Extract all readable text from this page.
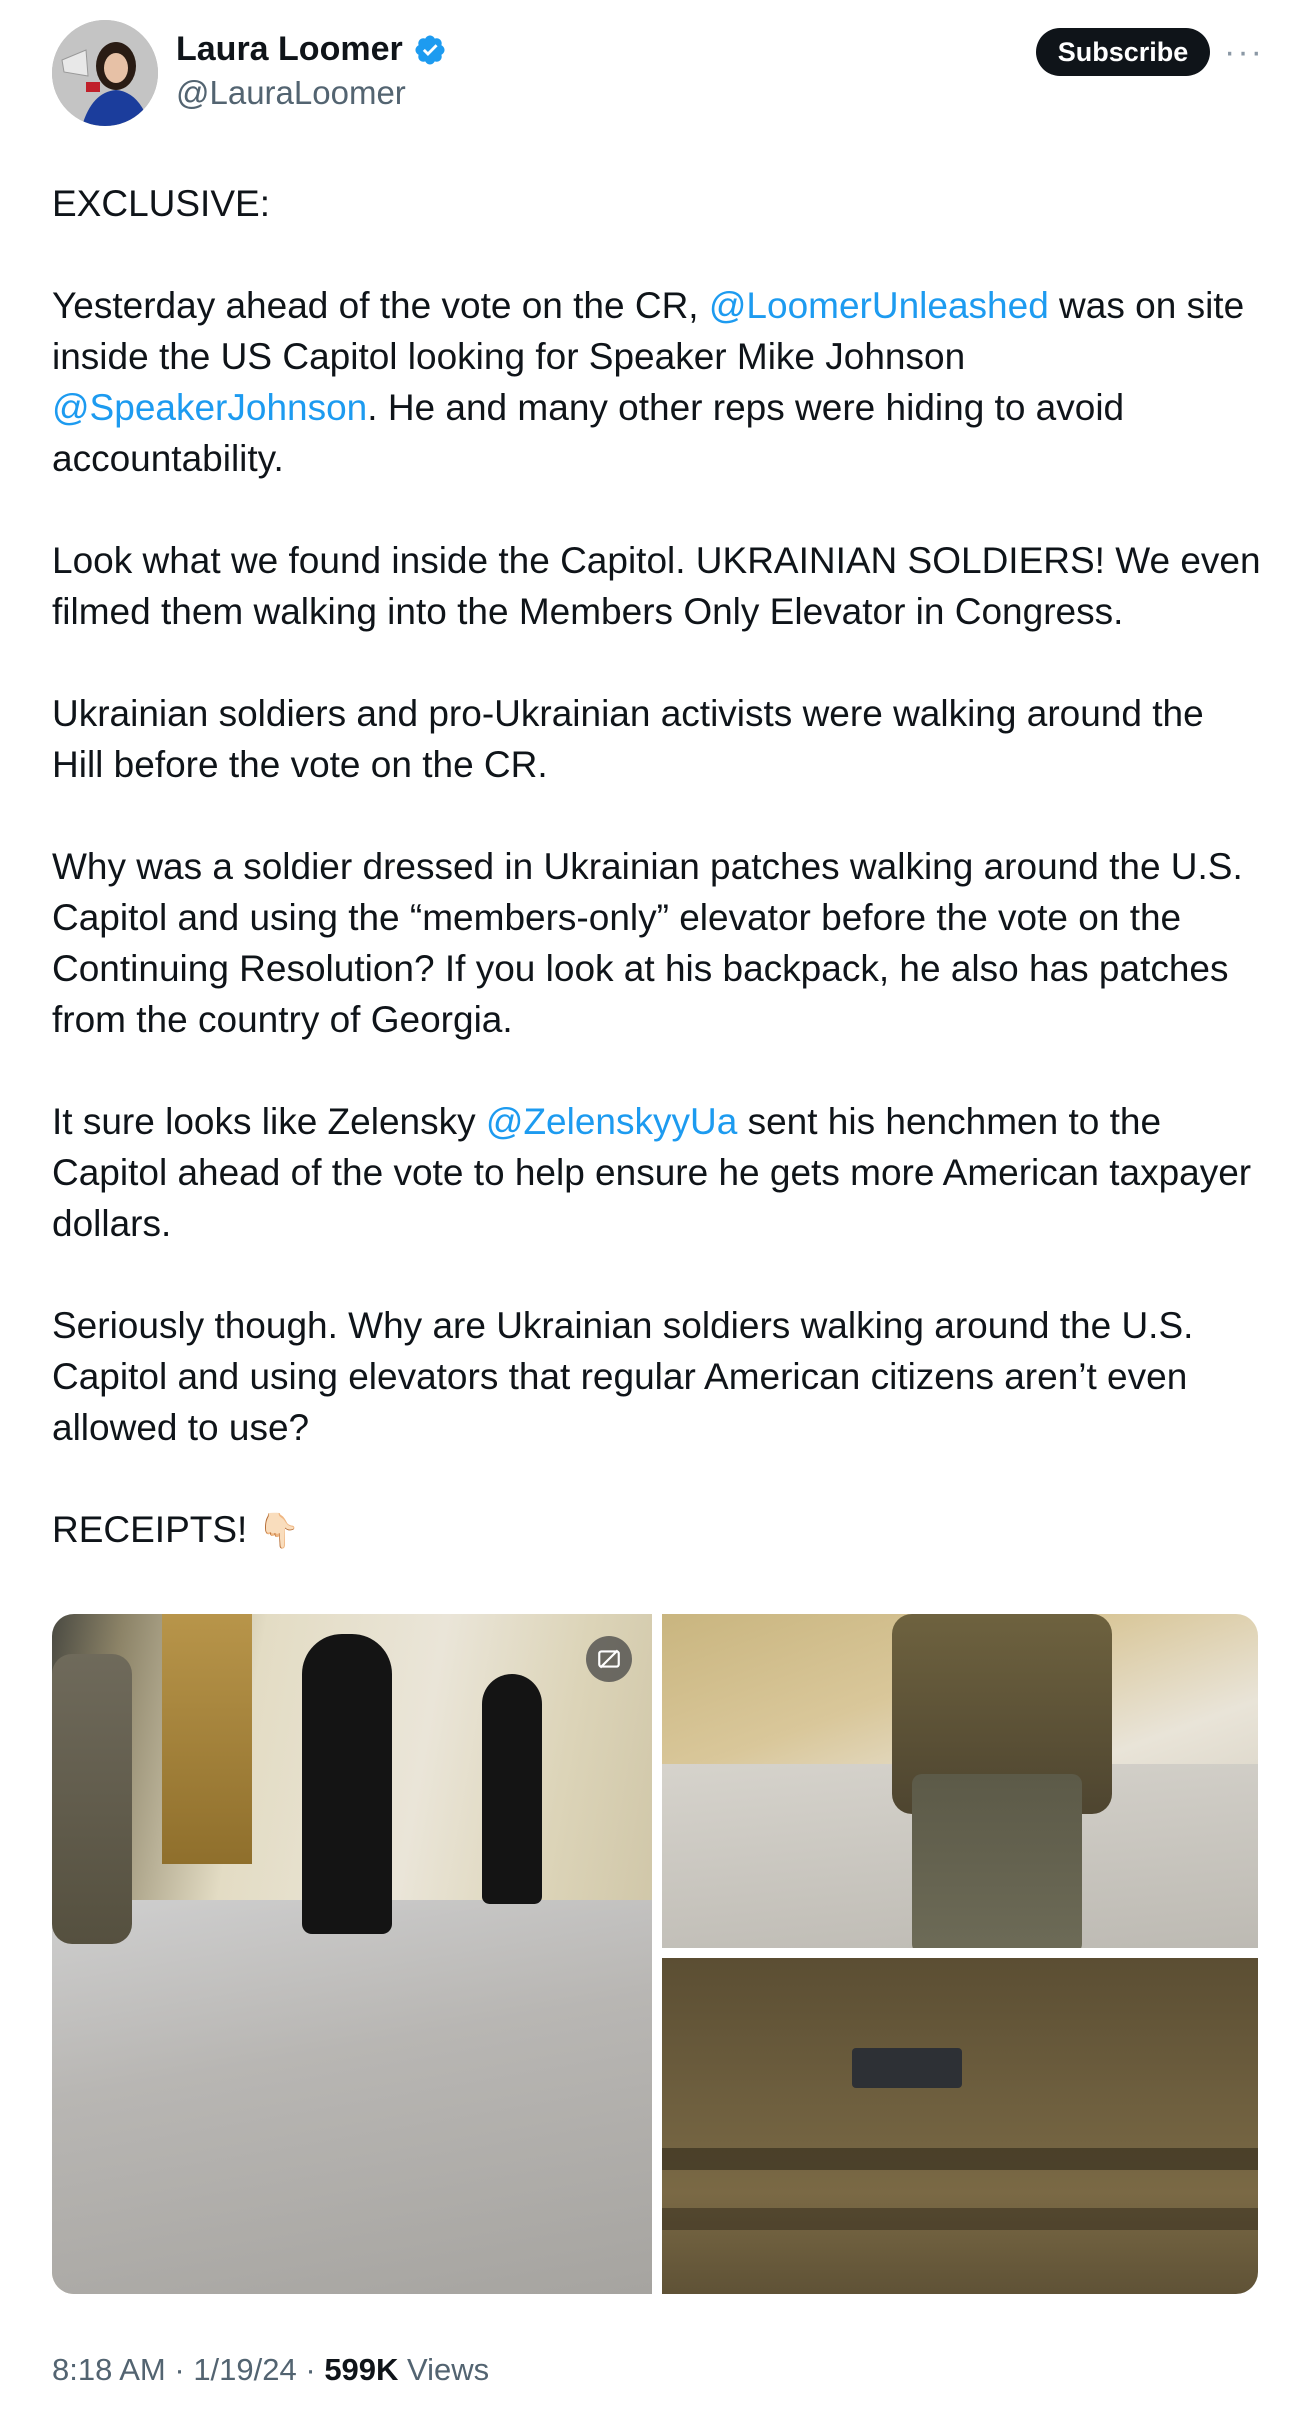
Laura Loomer
@LauraLoomer
Subscribe	···

EXCLUSIVE:

Yesterday ahead of the vote on the CR, @LoomerUnleashed was on site inside the US Capitol looking for Speaker Mike Johnson @SpeakerJohnson. He and many other reps were hiding to avoid accountability.

Look what we found inside the Capitol. UKRAINIAN SOLDIERS! We even filmed them walking into the Members Only Elevator in Congress.

Ukrainian soldiers and pro-Ukrainian activists were walking around the Hill before the vote on the CR.

Why was a soldier dressed in Ukrainian patches walking around the U.S. Capitol and using the “members-only” elevator before the vote on the Continuing Resolution? If you look at his backpack, he also has patches from the country of Georgia.

It sure looks like Zelensky @ZelenskyyUa sent his henchmen to the Capitol ahead of the vote to help ensure he gets more American taxpayer dollars.

Seriously though. Why are Ukrainian soldiers walking around the U.S. Capitol and using elevators that regular American citizens aren’t even allowed to use?

RECEIPTS! 👇🏻

8:18 AM · 1/19/24 · 599K Views
